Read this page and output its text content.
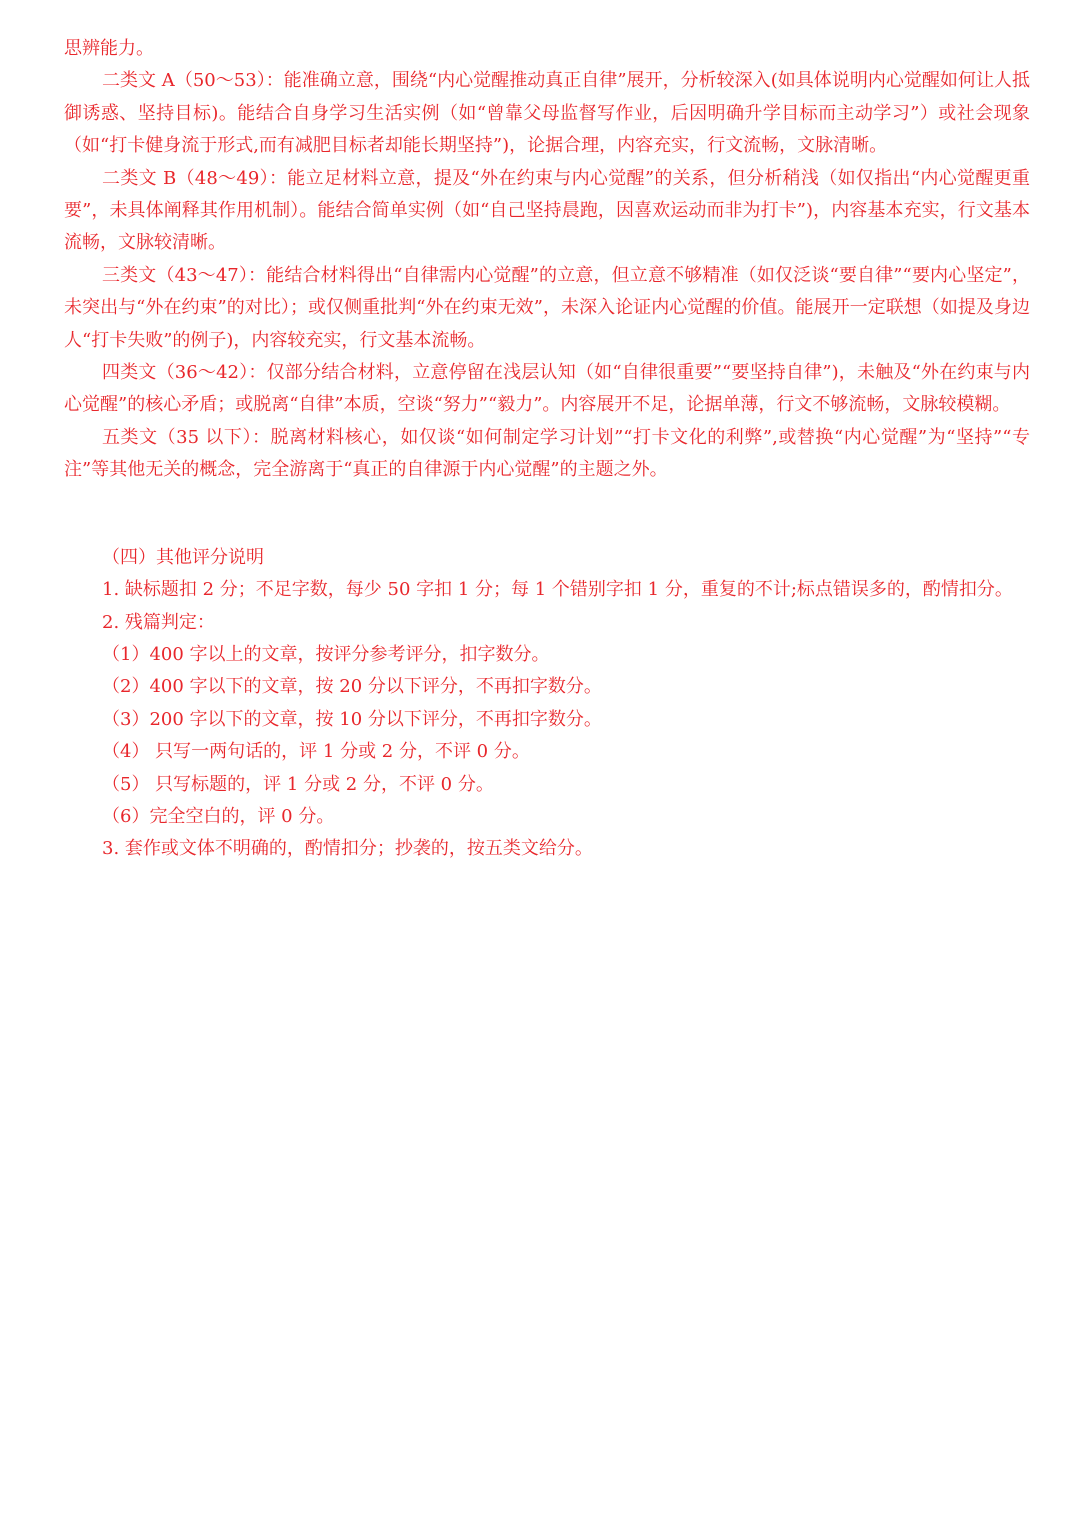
思辨能力。

二类文 A（50～53）：能准确立意，围绕“内心觉醒推动真正自律”展开，分析较深入(如具体说明内心觉醒如何让人抵御诱惑、坚持目标)。能结合自身学习生活实例（如“曾靠父母监督写作业，后因明确升学目标而主动学习”）或社会现象（如“打卡健身流于形式,而有减肥目标者却能长期坚持”)，论据合理，内容充实，行文流畅，文脉清晰。

二类文 B（48～49）：能立足材料立意，提及“外在约束与内心觉醒”的关系，但分析稍浅（如仅指出“内心觉醒更重要”，未具体阐释其作用机制）。能结合简单实例（如“自己坚持晨跑，因喜欢运动而非为打卡”)，内容基本充实，行文基本流畅，文脉较清晰。

三类文（43～47）：能结合材料得出“自律需内心觉醒”的立意，但立意不够精准（如仅泛谈“要自律”“要内心坚定”，未突出与“外在约束”的对比）；或仅侧重批判“外在约束无效”，未深入论证内心觉醒的价值。能展开一定联想（如提及身边人“打卡失败”的例子)，内容较充实，行文基本流畅。

四类文（36～42）：仅部分结合材料，立意停留在浅层认知（如“自律很重要”“要坚持自律”)，未触及“外在约束与内心觉醒”的核心矛盾；或脱离“自律”本质，空谈“努力”“毅力”。内容展开不足，论据单薄，行文不够流畅，文脉较模糊。

五类文（35 以下）：脱离材料核心，如仅谈“如何制定学习计划”“打卡文化的利弊”,或替换“内心觉醒”为“坚持”“专注”等其他无关的概念，完全游离于“真正的自律源于内心觉醒”的主题之外。

（四）其他评分说明

1. 缺标题扣 2 分；不足字数，每少 50 字扣 1 分；每 1 个错别字扣 1 分，重复的不计;标点错误多的，酌情扣分。

2. 残篇判定：

（1）400 字以上的文章，按评分参考评分，扣字数分。

（2）400 字以下的文章，按 20 分以下评分，不再扣字数分。

（3）200 字以下的文章，按 10 分以下评分，不再扣字数分。

（4） 只写一两句话的，评 1 分或 2 分，不评 0 分。

（5） 只写标题的，评 1 分或 2 分，不评 0 分。

（6）完全空白的，评 0 分。

3. 套作或文体不明确的，酌情扣分；抄袭的，按五类文给分。
